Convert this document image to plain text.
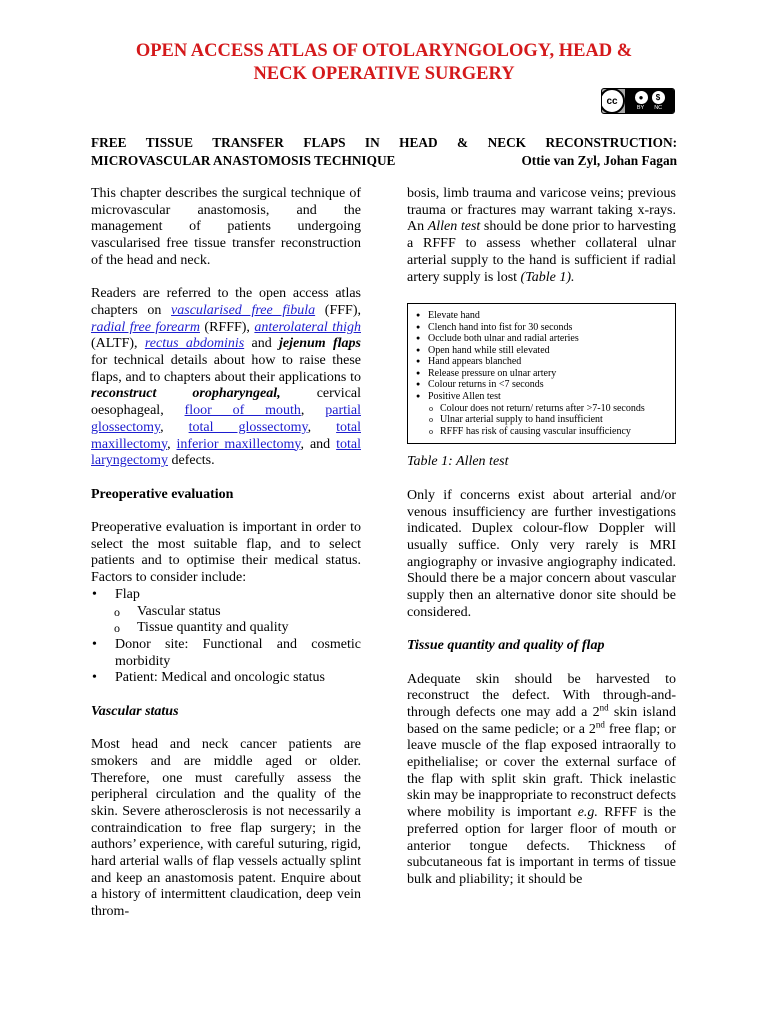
OPEN ACCESS ATLAS OF OTOLARYNGOLOGY, HEAD &
NECK OPERATIVE SURGERY
cc	●	$
BY NC
FREE TISSUE TRANSFER FLAPS IN HEAD & NECK RECONSTRUCTION:
MICROVASCULAR ANASTOMOSIS TECHNIQUE	Ottie van Zyl, Johan Fagan

This chapter describes the surgical technique of microvascular anastomosis, and the management of patients undergoing vascularised free tissue transfer reconstruction of the head and neck.

Readers are referred to the open access atlas chapters on vascularised free fibula (FFF), radial free forearm (RFFF), anterolateral thigh (ALTF), rectus abdominis and jejenum flaps for technical details about how to raise these flaps, and to chapters about their applications to reconstruct oropharyngeal, cervical oesophageal, floor of mouth, partial glossectomy, total glossectomy, total maxillectomy, inferior maxillectomy, and total laryngectomy defects.

Preoperative evaluation
Preoperative evaluation is important in order to select the most suitable flap, and to select patients and to optimise their medical status. Factors to consider include:
• Flap
o Vascular status
o Tissue quantity and quality
• Donor site: Functional and cosmetic morbidity
• Patient: Medical and oncologic status
Vascular status

Most head and neck cancer patients are smokers and are middle aged or older. Therefore, one must carefully assess the peripheral circulation and the quality of the skin. Severe atherosclerosis is not necessarily a contraindication to free flap surgery; in the authors’ experience, with careful suturing, rigid, hard arterial walls of flap vessels actually splint and keep an anastomosis patent. Enquire about a history of intermittent claudication, deep vein throm-

bosis, limb trauma and varicose veins; previous trauma or fractures may warrant taking x-rays. An Allen test should be done prior to harvesting a RFFF to assess whether collateral ulnar arterial supply to the hand is sufficient if radial artery supply is lost (Table 1).

● Elevate hand
● Clench hand into fist for 30 seconds
● Occlude both ulnar and radial arteries
● Open hand while still elevated
● Hand appears blanched
● Release pressure on ulnar artery
● Colour returns in <7 seconds
● Positive Allen test
o Colour does not return/ returns after >7-10 seconds
o Ulnar arterial supply to hand insufficient
o RFFF has risk of causing vascular insufficiency
Table 1: Allen test

Only if concerns exist about arterial and/or venous insufficiency are further investigations indicated. Duplex colour-flow Doppler will usually suffice. Only very rarely is MRI angiography or invasive angiography indicated. Should there be a major concern about vascular supply then an alternative donor site should be considered.

Tissue quantity and quality of flap

Adequate skin should be harvested to reconstruct the defect. With through-and-through defects one may add a 2nd skin island based on the same pedicle; or a 2nd free flap; or leave muscle of the flap exposed intraorally to epithelialise; or cover the external surface of the flap with split skin graft. Thick inelastic skin may be inappropriate to reconstruct defects where mobility is important e.g. RFFF is the preferred option for larger floor of mouth or anterior tongue defects. Thickness of subcutaneous fat is important in terms of tissue bulk and pliability; it should be
